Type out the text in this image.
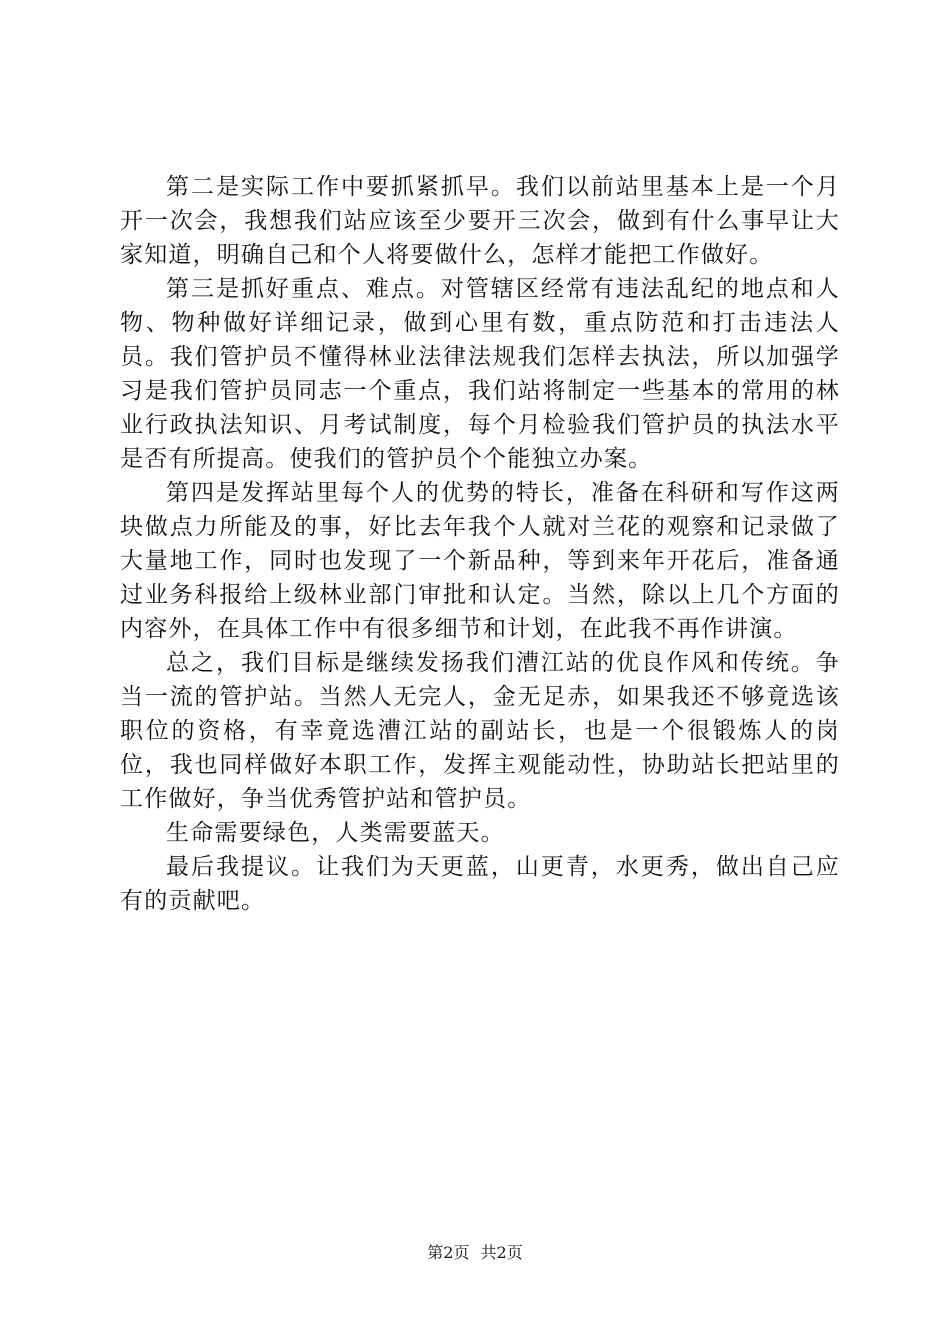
第二是实际工作中要抓紧抓早。我们以前站里基本上是一个月开一次会，我想我们站应该至少要开三次会，做到有什么事早让大家知道，明确自己和个人将要做什么，怎样才能把工作做好。

第三是抓好重点、难点。对管辖区经常有违法乱纪的地点和人物、物种做好详细记录，做到心里有数，重点防范和打击违法人员。我们管护员不懂得林业法律法规我们怎样去执法，所以加强学习是我们管护员同志一个重点，我们站将制定一些基本的常用的林业行政执法知识、月考试制度，每个月检验我们管护员的执法水平是否有所提高。使我们的管护员个个能独立办案。

第四是发挥站里每个人的优势的特长，准备在科研和写作这两块做点力所能及的事，好比去年我个人就对兰花的观察和记录做了大量地工作，同时也发现了一个新品种，等到来年开花后，准备通过业务科报给上级林业部门审批和认定。当然，除以上几个方面的内容外，在具体工作中有很多细节和计划，在此我不再作讲演。

总之，我们目标是继续发扬我们漕江站的优良作风和传统。争当一流的管护站。当然人无完人，金无足赤，如果我还不够竟选该职位的资格，有幸竟选漕江站的副站长，也是一个很锻炼人的岗位，我也同样做好本职工作，发挥主观能动性，协助站长把站里的工作做好，争当优秀管护站和管护员。

生命需要绿色，人类需要蓝天。

最后我提议。让我们为天更蓝，山更青，水更秀，做出自己应有的贡献吧。

第2页 共2页
